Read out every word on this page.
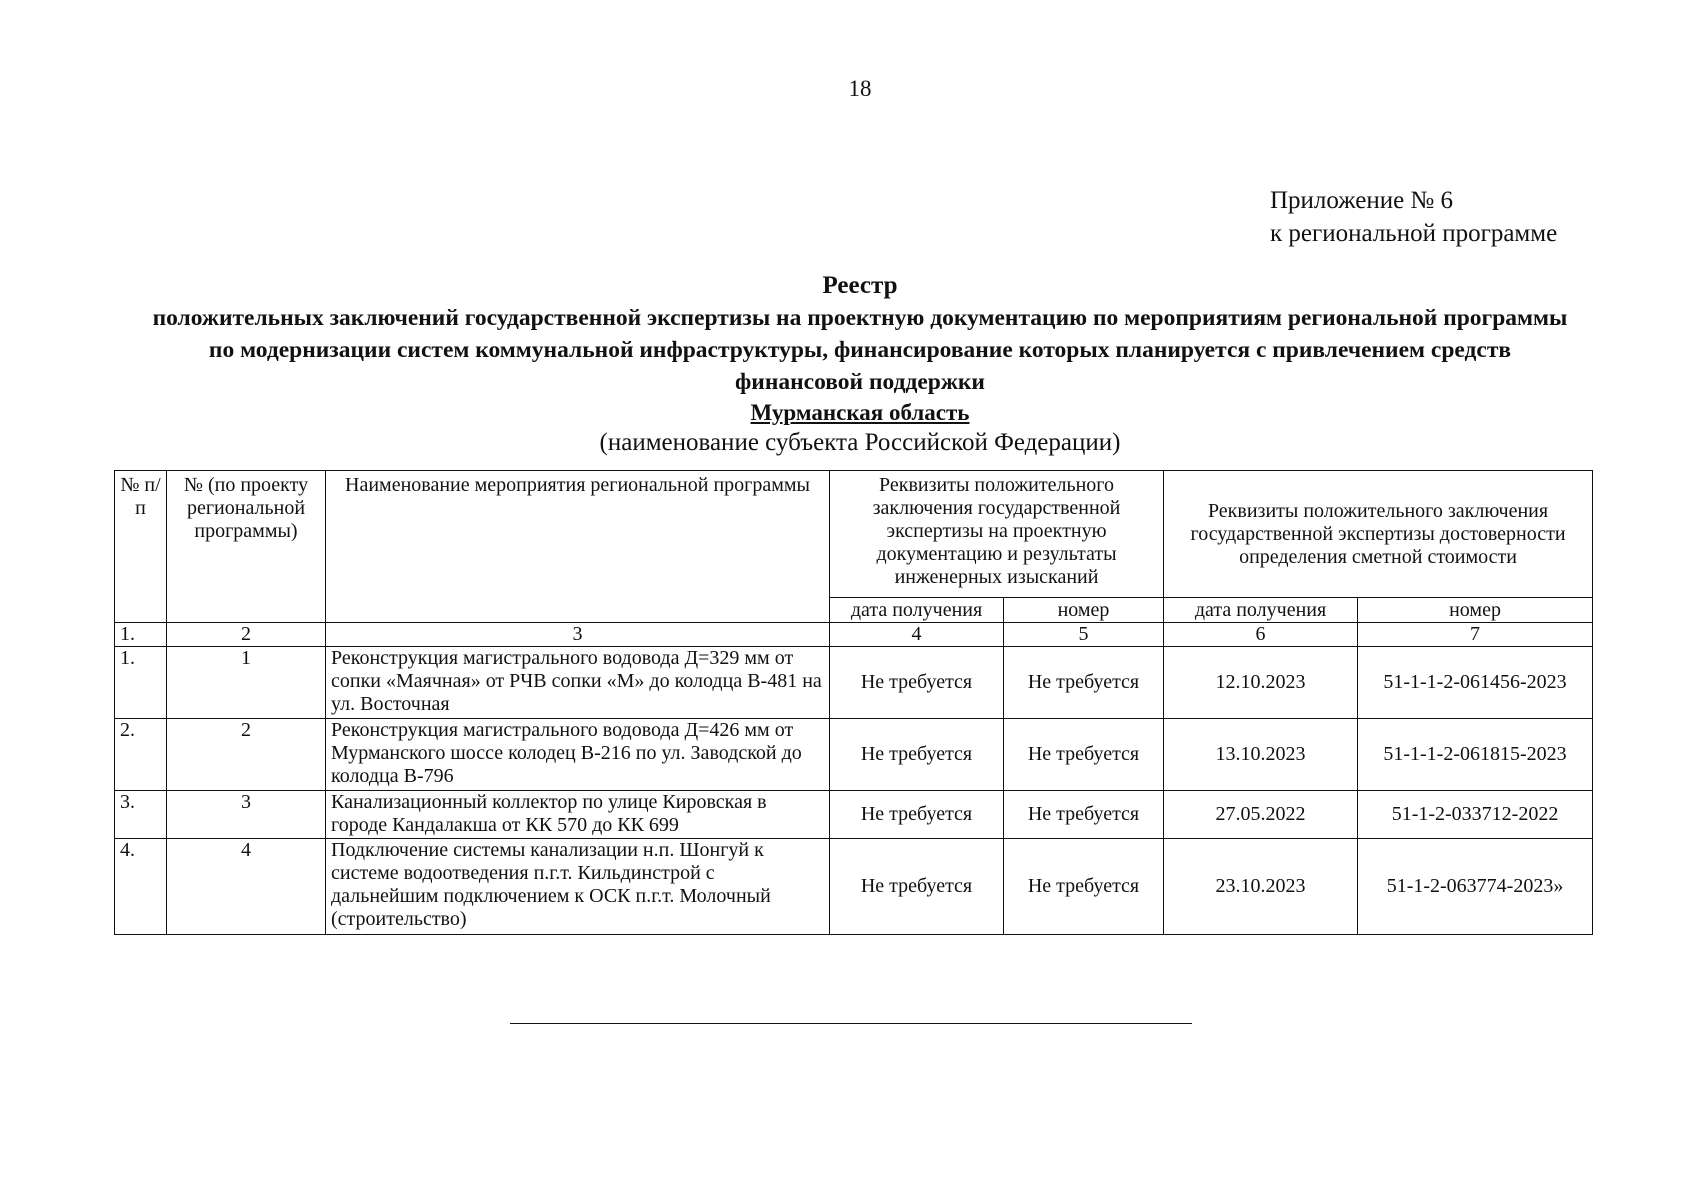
18
Приложение № 6
к региональной программе
Реестр
положительных заключений государственной экспертизы на проектную документацию по мероприятиям региональной программы по модернизации систем коммунальной инфраструктуры, финансирование которых планируется с привлечением средств финансовой поддержки
Мурманская область
(наименование субъекта Российской Федерации)
№ п/п	№ (по проекту региональной программы)	Наименование мероприятия региональной программы	Реквизиты положительного заключения государственной экспертизы на проектную документацию и результаты инженерных изысканий		Реквизиты положительного заключения государственной экспертизы достоверности определения сметной стоимости	
			дата получения	номер	дата получения	номер
1.	2	3	4	5	6	7
1.	1	Реконструкция магистрального водовода Д=329 мм от сопки «Маячная» от РЧВ сопки «М» до колодца В-481 на ул. Восточная	Не требуется	Не требуется	12.10.2023	51-1-1-2-061456-2023
2.	2	Реконструкция магистрального водовода Д=426 мм от Мурманского шоссе колодец В-216 по ул. Заводской до колодца В-796	Не требуется	Не требуется	13.10.2023	51-1-1-2-061815-2023
3.	3	Канализационный коллектор по улице Кировская в городе Кандалакша от КК 570 до КК 699	Не требуется	Не требуется	27.05.2022	51-1-2-033712-2022
4.	4	Подключение системы канализации н.п. Шонгуй к системе водоотведения п.г.т. Кильдинстрой с дальнейшим подключением к ОСК п.г.т. Молочный (строительство)	Не требуется	Не требуется	23.10.2023	51-1-2-063774-2023»
